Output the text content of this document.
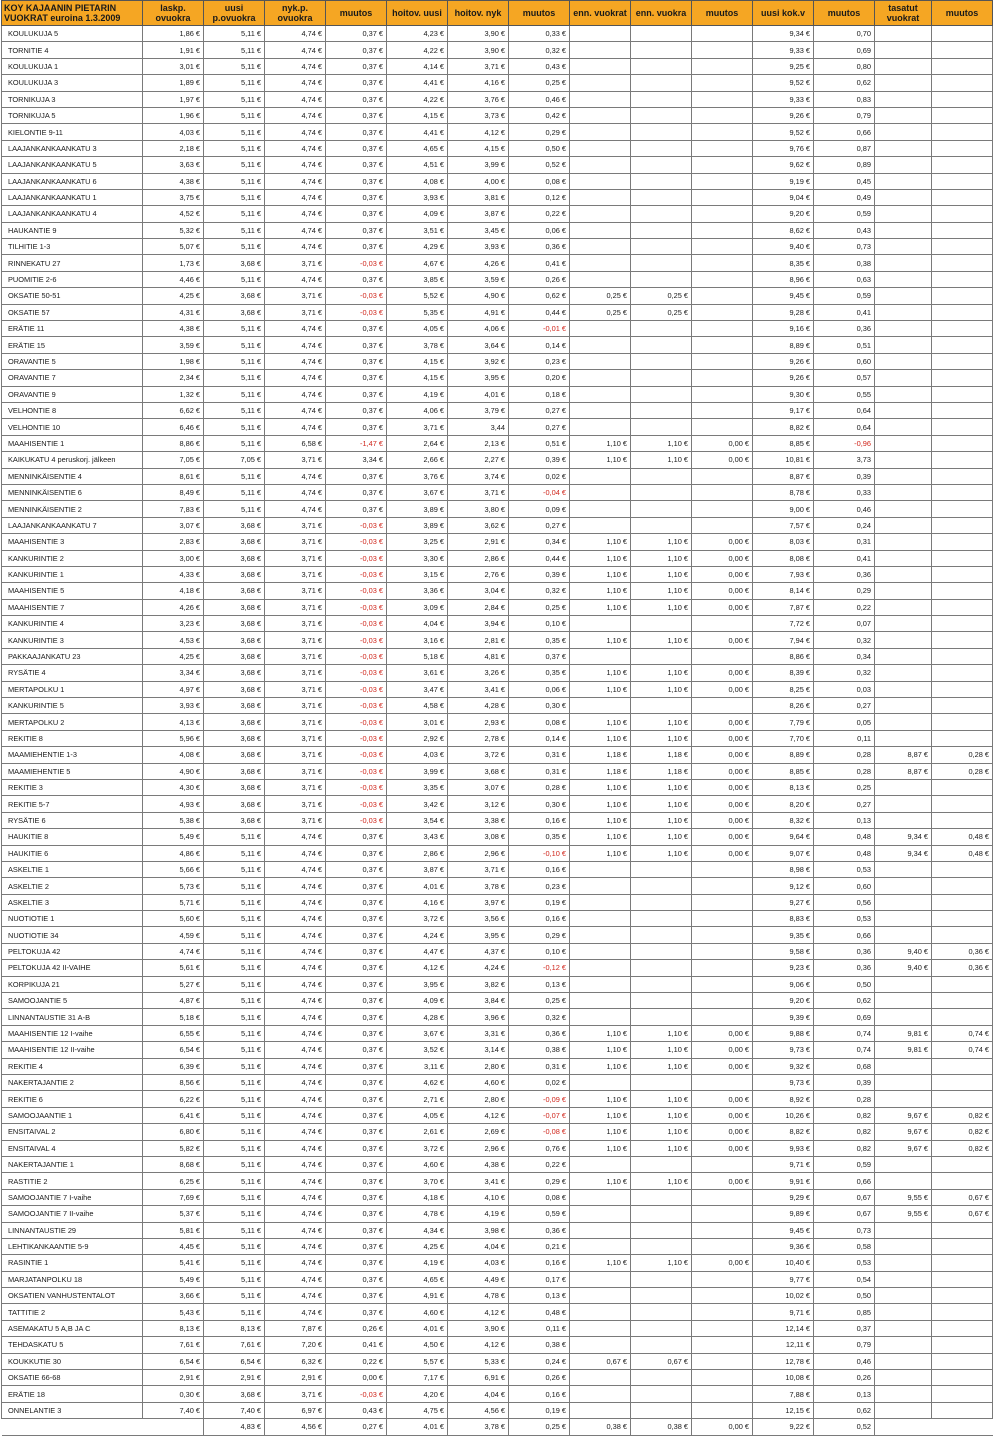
KOY KAJAANIN PIETARIN VUOKRAT euroina 1.3.2009	laskp. ovuokra	uusi p.ovuokra	nyk.p. ovuokra	muutos	hoitov. uusi	hoitov. nyk	muutos	enn. vuokrat	enn. vuokra	muutos	uusi kok.v	muutos	tasatut vuokrat	muutos
KOULUKUJA 5	1,86 €	5,11 €	4,74 €	0,37 €	4,23 €	3,90 €	0,33 €				9,34 €	0,70		
TORNITIE 4	1,91 €	5,11 €	4,74 €	0,37 €	4,22 €	3,90 €	0,32 €				9,33 €	0,69		
KOULUKUJA 1	3,01 €	5,11 €	4,74 €	0,37 €	4,14 €	3,71 €	0,43 €				9,25 €	0,80		
KOULUKUJA 3	1,89 €	5,11 €	4,74 €	0,37 €	4,41 €	4,16 €	0,25 €				9,52 €	0,62		
TORNIKUJA 3	1,97 €	5,11 €	4,74 €	0,37 €	4,22 €	3,76 €	0,46 €				9,33 €	0,83		
TORNIKUJA 5	1,96 €	5,11 €	4,74 €	0,37 €	4,15 €	3,73 €	0,42 €				9,26 €	0,79		
KIELONTIE 9-11	4,03 €	5,11 €	4,74 €	0,37 €	4,41 €	4,12 €	0,29 €				9,52 €	0,66		
LAAJANKANKAANKATU 3	2,18 €	5,11 €	4,74 €	0,37 €	4,65 €	4,15 €	0,50 €				9,76 €	0,87		
LAAJANKANKAANKATU 5	3,63 €	5,11 €	4,74 €	0,37 €	4,51 €	3,99 €	0,52 €				9,62 €	0,89		
LAAJANKANKAANKATU 6	4,38 €	5,11 €	4,74 €	0,37 €	4,08 €	4,00 €	0,08 €				9,19 €	0,45		
LAAJANKANKAANKATU 1	3,75 €	5,11 €	4,74 €	0,37 €	3,93 €	3,81 €	0,12 €				9,04 €	0,49		
LAAJANKANKAANKATU 4	4,52 €	5,11 €	4,74 €	0,37 €	4,09 €	3,87 €	0,22 €				9,20 €	0,59		
HAUKANTIE 9	5,32 €	5,11 €	4,74 €	0,37 €	3,51 €	3,45 €	0,06 €				8,62 €	0,43		
TILHITIE 1-3	5,07 €	5,11 €	4,74 €	0,37 €	4,29 €	3,93 €	0,36 €				9,40 €	0,73		
RINNEKATU 27	1,73 €	3,68 €	3,71 €	-0,03 €	4,67 €	4,26 €	0,41 €				8,35 €	0,38		
PUOMITIE 2-6	4,46 €	5,11 €	4,74 €	0,37 €	3,85 €	3,59 €	0,26 €				8,96 €	0,63		
OKSATIE 50-51	4,25 €	3,68 €	3,71 €	-0,03 €	5,52 €	4,90 €	0,62 €	0,25 €	0,25 €		9,45 €	0,59		
OKSATIE 57	4,31 €	3,68 €	3,71 €	-0,03 €	5,35 €	4,91 €	0,44 €	0,25 €	0,25 €		9,28 €	0,41		
ERÄTIE 11	4,38 €	5,11 €	4,74 €	0,37 €	4,05 €	4,06 €	-0,01 €				9,16 €	0,36		
ERÄTIE 15	3,59 €	5,11 €	4,74 €	0,37 €	3,78 €	3,64 €	0,14 €				8,89 €	0,51		
ORAVANTIE 5	1,98 €	5,11 €	4,74 €	0,37 €	4,15 €	3,92 €	0,23 €				9,26 €	0,60		
ORAVANTIE 7	2,34 €	5,11 €	4,74 €	0,37 €	4,15 €	3,95 €	0,20 €				9,26 €	0,57		
ORAVANTIE 9	1,32 €	5,11 €	4,74 €	0,37 €	4,19 €	4,01 €	0,18 €				9,30 €	0,55		
VELHONTIE 8	6,62 €	5,11 €	4,74 €	0,37 €	4,06 €	3,79 €	0,27 €				9,17 €	0,64		
VELHONTIE 10	6,46 €	5,11 €	4,74 €	0,37 €	3,71 €	3,44	0,27 €				8,82 €	0,64		
MAAHISENTIE 1	8,86 €	5,11 €	6,58 €	-1,47 €	2,64 €	2,13 €	0,51 €	1,10 €	1,10 €	0,00 €	8,85 €	-0,96		
KAIKUKATU 4 peruskorj. jälkeen	7,05 €	7,05 €	3,71 €	3,34 €	2,66 €	2,27 €	0,39 €	1,10 €	1,10 €	0,00 €	10,81 €	3,73		
MENNINKÄISENTIE 4	8,61 €	5,11 €	4,74 €	0,37 €	3,76 €	3,74 €	0,02 €				8,87 €	0,39		
MENNINKÄISENTIE 6	8,49 €	5,11 €	4,74 €	0,37 €	3,67 €	3,71 €	-0,04 €				8,78 €	0,33		
MENNINKÄISENTIE 2	7,83 €	5,11 €	4,74 €	0,37 €	3,89 €	3,80 €	0,09 €				9,00 €	0,46		
LAAJANKANKAANKATU 7	3,07 €	3,68 €	3,71 €	-0,03 €	3,89 €	3,62 €	0,27 €				7,57 €	0,24		
MAAHISENTIE 3	2,83 €	3,68 €	3,71 €	-0,03 €	3,25 €	2,91 €	0,34 €	1,10 €	1,10 €	0,00 €	8,03 €	0,31		
KANKURINTIE 2	3,00 €	3,68 €	3,71 €	-0,03 €	3,30 €	2,86 €	0,44 €	1,10 €	1,10 €	0,00 €	8,08 €	0,41		
KANKURINTIE 1	4,33 €	3,68 €	3,71 €	-0,03 €	3,15 €	2,76 €	0,39 €	1,10 €	1,10 €	0,00 €	7,93 €	0,36		
MAAHISENTIE 5	4,18 €	3,68 €	3,71 €	-0,03 €	3,36 €	3,04 €	0,32 €	1,10 €	1,10 €	0,00 €	8,14 €	0,29		
MAAHISENTIE 7	4,26 €	3,68 €	3,71 €	-0,03 €	3,09 €	2,84 €	0,25 €	1,10 €	1,10 €	0,00 €	7,87 €	0,22		
KANKURINTIE 4	3,23 €	3,68 €	3,71 €	-0,03 €	4,04 €	3,94 €	0,10 €				7,72 €	0,07		
KANKURINTIE 3	4,53 €	3,68 €	3,71 €	-0,03 €	3,16 €	2,81 €	0,35 €	1,10 €	1,10 €	0,00 €	7,94 €	0,32		
PAKKAAJANKATU 23	4,25 €	3,68 €	3,71 €	-0,03 €	5,18 €	4,81 €	0,37 €				8,86 €	0,34		
RYSÄTIE 4	3,34 €	3,68 €	3,71 €	-0,03 €	3,61 €	3,26 €	0,35 €	1,10 €	1,10 €	0,00 €	8,39 €	0,32		
MERTAPOLKU 1	4,97 €	3,68 €	3,71 €	-0,03 €	3,47 €	3,41 €	0,06 €	1,10 €	1,10 €	0,00 €	8,25 €	0,03		
KANKURINTIE 5	3,93 €	3,68 €	3,71 €	-0,03 €	4,58 €	4,28 €	0,30 €				8,26 €	0,27		
MERTAPOLKU 2	4,13 €	3,68 €	3,71 €	-0,03 €	3,01 €	2,93 €	0,08 €	1,10 €	1,10 €	0,00 €	7,79 €	0,05		
REKITIE 8	5,96 €	3,68 €	3,71 €	-0,03 €	2,92 €	2,78 €	0,14 €	1,10 €	1,10 €	0,00 €	7,70 €	0,11		
MAAMIEHENTIE 1-3	4,08 €	3,68 €	3,71 €	-0,03 €	4,03 €	3,72 €	0,31 €	1,18 €	1,18 €	0,00 €	8,89 €	0,28	8,87 €	0,28 €
MAAMIEHENTIE 5	4,90 €	3,68 €	3,71 €	-0,03 €	3,99 €	3,68 €	0,31 €	1,18 €	1,18 €	0,00 €	8,85 €	0,28	8,87 €	0,28 €
REKITIE 3	4,30 €	3,68 €	3,71 €	-0,03 €	3,35 €	3,07 €	0,28 €	1,10 €	1,10 €	0,00 €	8,13 €	0,25		
REKITIE 5-7	4,93 €	3,68 €	3,71 €	-0,03 €	3,42 €	3,12 €	0,30 €	1,10 €	1,10 €	0,00 €	8,20 €	0,27		
RYSÄTIE 6	5,38 €	3,68 €	3,71 €	-0,03 €	3,54 €	3,38 €	0,16 €	1,10 €	1,10 €	0,00 €	8,32 €	0,13		
HAUKITIE 8	5,49 €	5,11 €	4,74 €	0,37 €	3,43 €	3,08 €	0,35 €	1,10 €	1,10 €	0,00 €	9,64 €	0,48	9,34 €	0,48 €
HAUKITIE 6	4,86 €	5,11 €	4,74 €	0,37 €	2,86 €	2,96 €	-0,10 €	1,10 €	1,10 €	0,00 €	9,07 €	0,48	9,34 €	0,48 €
ASKELTIE 1	5,66 €	5,11 €	4,74 €	0,37 €	3,87 €	3,71 €	0,16 €				8,98 €	0,53		
ASKELTIE 2	5,73 €	5,11 €	4,74 €	0,37 €	4,01 €	3,78 €	0,23 €				9,12 €	0,60		
ASKELTIE 3	5,71 €	5,11 €	4,74 €	0,37 €	4,16 €	3,97 €	0,19 €				9,27 €	0,56		
NUOTIOTIE 1	5,60 €	5,11 €	4,74 €	0,37 €	3,72 €	3,56 €	0,16 €				8,83 €	0,53		
NUOTIOTIE 34	4,59 €	5,11 €	4,74 €	0,37 €	4,24 €	3,95 €	0,29 €				9,35 €	0,66		
PELTOKUJA 42	4,74 €	5,11 €	4,74 €	0,37 €	4,47 €	4,37 €	0,10 €				9,58 €	0,36	9,40 €	0,36 €
PELTOKUJA 42 II-VAIHE	5,61 €	5,11 €	4,74 €	0,37 €	4,12 €	4,24 €	-0,12 €				9,23 €	0,36	9,40 €	0,36 €
KORPIKUJA 21	5,27 €	5,11 €	4,74 €	0,37 €	3,95 €	3,82 €	0,13 €				9,06 €	0,50		
SAMOOJANTIE 5	4,87 €	5,11 €	4,74 €	0,37 €	4,09 €	3,84 €	0,25 €				9,20 €	0,62		
LINNANTAUSTIE 31 A-B	5,18 €	5,11 €	4,74 €	0,37 €	4,28 €	3,96 €	0,32 €				9,39 €	0,69		
MAAHISENTIE 12 I-vaihe	6,55 €	5,11 €	4,74 €	0,37 €	3,67 €	3,31 €	0,36 €	1,10 €	1,10 €	0,00 €	9,88 €	0,74	9,81 €	0,74 €
MAAHISENTIE 12 II-vaihe	6,54 €	5,11 €	4,74 €	0,37 €	3,52 €	3,14 €	0,38 €	1,10 €	1,10 €	0,00 €	9,73 €	0,74	9,81 €	0,74 €
REKITIE 4	6,39 €	5,11 €	4,74 €	0,37 €	3,11 €	2,80 €	0,31 €	1,10 €	1,10 €	0,00 €	9,32 €	0,68		
NAKERTAJANTIE 2	8,56 €	5,11 €	4,74 €	0,37 €	4,62 €	4,60 €	0,02 €				9,73 €	0,39		
REKITIE 6	6,22 €	5,11 €	4,74 €	0,37 €	2,71 €	2,80 €	-0,09 €	1,10 €	1,10 €	0,00 €	8,92 €	0,28		
SAMOOJAANTIE 1	6,41 €	5,11 €	4,74 €	0,37 €	4,05 €	4,12 €	-0,07 €	1,10 €	1,10 €	0,00 €	10,26 €	0,82	9,67 €	0,82 €
ENSITAIVAL 2	6,80 €	5,11 €	4,74 €	0,37 €	2,61 €	2,69 €	-0,08 €	1,10 €	1,10 €	0,00 €	8,82 €	0,82	9,67 €	0,82 €
ENSITAIVAL 4	5,82 €	5,11 €	4,74 €	0,37 €	3,72 €	2,96 €	0,76 €	1,10 €	1,10 €	0,00 €	9,93 €	0,82	9,67 €	0,82 €
NAKERTAJANTIE 1	8,68 €	5,11 €	4,74 €	0,37 €	4,60 €	4,38 €	0,22 €				9,71 €	0,59		
RASTITIE 2	6,25 €	5,11 €	4,74 €	0,37 €	3,70 €	3,41 €	0,29 €	1,10 €	1,10 €	0,00 €	9,91 €	0,66		
SAMOOJANTIE 7 I-vaihe	7,69 €	5,11 €	4,74 €	0,37 €	4,18 €	4,10 €	0,08 €				9,29 €	0,67	9,55 €	0,67 €
SAMOOJANTIE 7 II-vaihe	5,37 €	5,11 €	4,74 €	0,37 €	4,78 €	4,19 €	0,59 €				9,89 €	0,67	9,55 €	0,67 €
LINNANTAUSTIE 29	5,81 €	5,11 €	4,74 €	0,37 €	4,34 €	3,98 €	0,36 €				9,45 €	0,73		
LEHTIKANKAANTIE 5-9	4,45 €	5,11 €	4,74 €	0,37 €	4,25 €	4,04 €	0,21 €				9,36 €	0,58		
RASINTIE 1	5,41 €	5,11 €	4,74 €	0,37 €	4,19 €	4,03 €	0,16 €	1,10 €	1,10 €	0,00 €	10,40 €	0,53		
MARJATANPOLKU 18	5,49 €	5,11 €	4,74 €	0,37 €	4,65 €	4,49 €	0,17 €				9,77 €	0,54		
OKSATIEN VANHUSTENTALOT	3,66 €	5,11 €	4,74 €	0,37 €	4,91 €	4,78 €	0,13 €				10,02 €	0,50		
TATTITIE 2	5,43 €	5,11 €	4,74 €	0,37 €	4,60 €	4,12 €	0,48 €				9,71 €	0,85		
ASEMAKATU 5 A,B JA C	8,13 €	8,13 €	7,87 €	0,26 €	4,01 €	3,90 €	0,11 €				12,14 €	0,37		
TEHDASKATU 5	7,61 €	7,61 €	7,20 €	0,41 €	4,50 €	4,12 €	0,38 €				12,11 €	0,79		
KOUKKUTIE 30	6,54 €	6,54 €	6,32 €	0,22 €	5,57 €	5,33 €	0,24 €	0,67 €	0,67 €		12,78 €	0,46		
OKSATIE 66-68	2,91 €	2,91 €	2,91 €	0,00 €	7,17 €	6,91 €	0,26 €				10,08 €	0,26		
ERÄTIE 18	0,30 €	3,68 €	3,71 €	-0,03 €	4,20 €	4,04 €	0,16 €				7,88 €	0,13		
ONNELANTIE 3	7,40 €	7,40 €	6,97 €	0,43 €	4,75 €	4,56 €	0,19 €				12,15 €	0,62		
		4,83 €	4,56 €	0,27 €	4,01 €	3,78 €	0,25 €	0,38 €	0,38 €	0,00 €	9,22 €	0,52		
